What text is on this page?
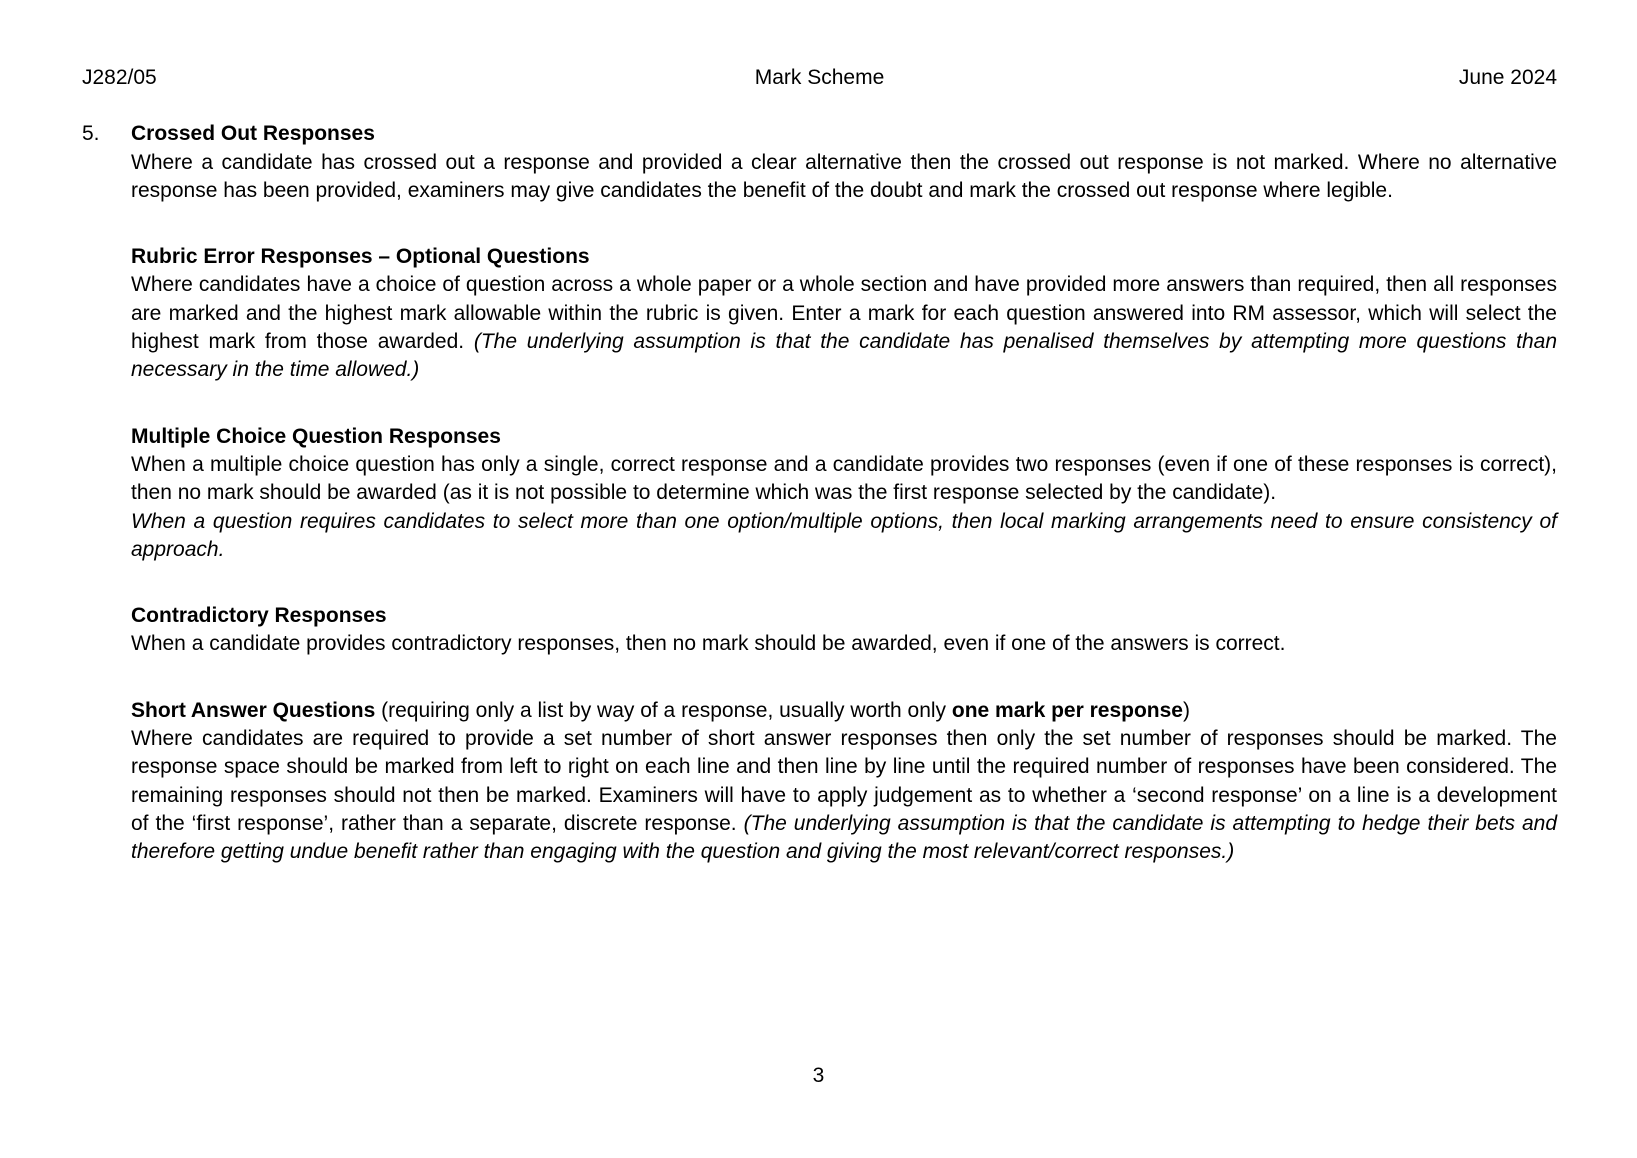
J282/05	Mark Scheme	June 2024
5.	Crossed Out Responses

Where a candidate has crossed out a response and provided a clear alternative then the crossed out response is not marked. Where no alternative response has been provided, examiners may give candidates the benefit of the doubt and mark the crossed out response where legible.

Rubric Error Responses – Optional Questions

Where candidates have a choice of question across a whole paper or a whole section and have provided more answers than required, then all responses are marked and the highest mark allowable within the rubric is given. Enter a mark for each question answered into RM assessor, which will select the highest mark from those awarded. (The underlying assumption is that the candidate has penalised themselves by attempting more questions than necessary in the time allowed.)

Multiple Choice Question Responses

When a multiple choice question has only a single, correct response and a candidate provides two responses (even if one of these responses is correct), then no mark should be awarded (as it is not possible to determine which was the first response selected by the candidate).

When a question requires candidates to select more than one option/multiple options, then local marking arrangements need to ensure consistency of approach.

Contradictory Responses

When a candidate provides contradictory responses, then no mark should be awarded, even if one of the answers is correct.

Short Answer Questions (requiring only a list by way of a response, usually worth only one mark per response)

Where candidates are required to provide a set number of short answer responses then only the set number of responses should be marked. The response space should be marked from left to right on each line and then line by line until the required number of responses have been considered. The remaining responses should not then be marked. Examiners will have to apply judgement as to whether a ‘second response’ on a line is a development of the ‘first response’, rather than a separate, discrete response. (The underlying assumption is that the candidate is attempting to hedge their bets and therefore getting undue benefit rather than engaging with the question and giving the most relevant/correct responses.)

3
